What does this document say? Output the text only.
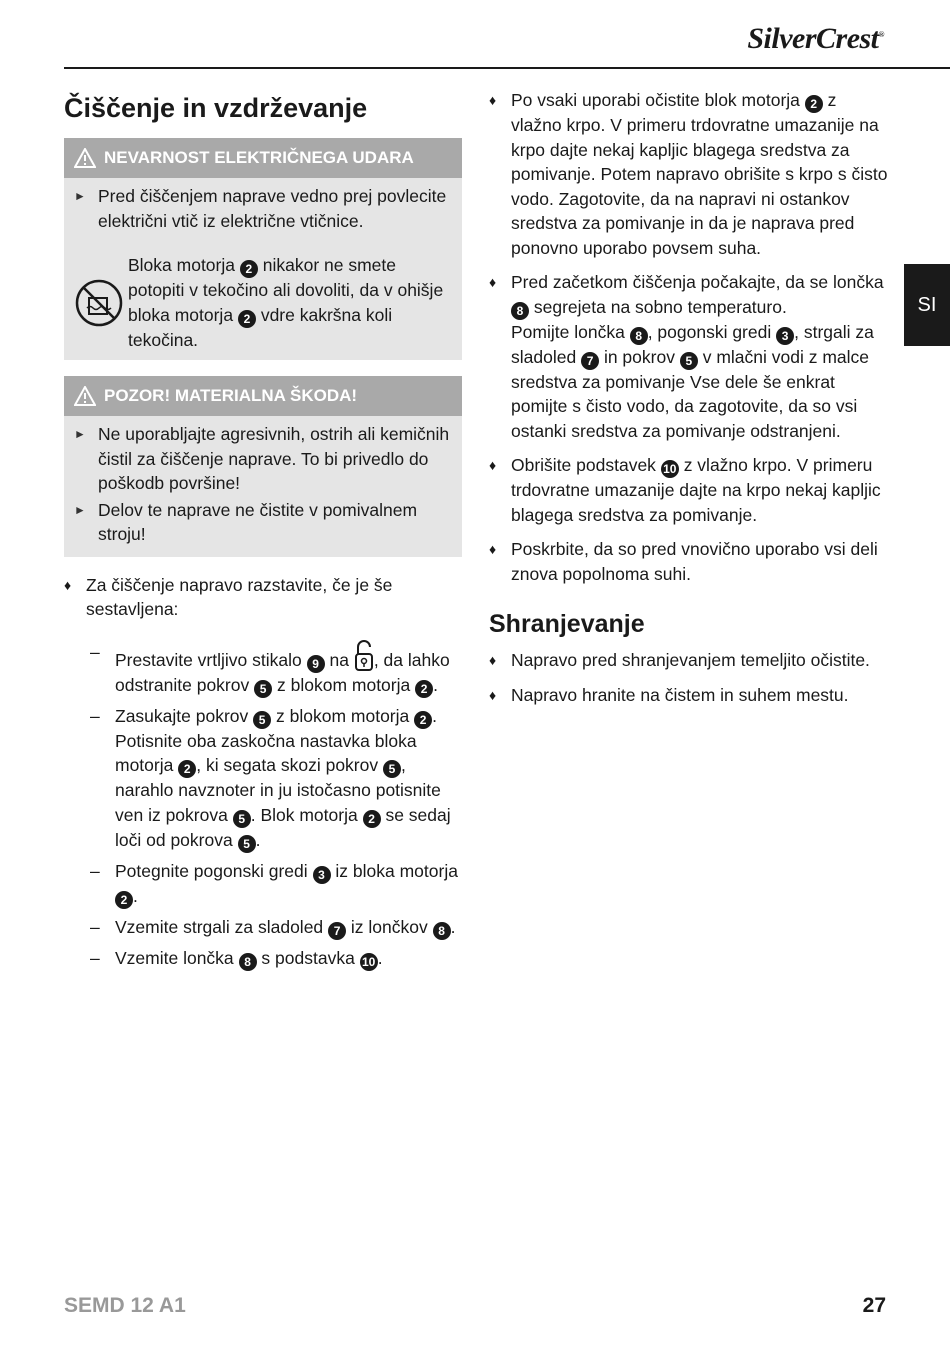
SilverCrest®
SI
Čiščenje in vzdrževanje
NEVARNOST ELEKTRIČNEGA UDARA
► Pred čiščenjem naprave vedno prej povlecite električni vtič iz električne vtičnice.
Bloka motorja 2 nikakor ne smete potopiti v tekočino ali dovoliti, da v ohišje bloka motorja 2 vdre kakršna koli tekočina.
POZOR! MATERIALNA ŠKODA!
► Ne uporabljajte agresivnih, ostrih ali kemičnih čistil za čiščenje naprave. To bi privedlo do poškodb površine!
► Delov te naprave ne čistite v pomivalnem stroju!
♦ Za čiščenje napravo razstavite, če je še sestavljena:
– Prestavite vrtljivo stikalo 9 na , da lahko odstranite pokrov 5 z blokom motorja 2 .
– Zasukajte pokrov 5 z blokom motorja 2 . Potisnite oba zaskočna nastavka bloka motorja 2 , ki segata skozi pokrov 5 , narahlo navznoter in ju istočasno potisnite ven iz pokrova 5 . Blok motorja 2 se sedaj loči od pokrova 5 .
– Potegnite pogonski gredi 3 iz bloka motorja 2 .
– Vzemite strgali za sladoled 7 iz lončkov 8 .
– Vzemite lončka 8 s podstavka 10 .
♦ Po vsaki uporabi očistite blok motorja 2 z vlažno krpo. V primeru trdovratne umazanije na krpo dajte nekaj kapljic blagega sredstva za pomivanje. Potem napravo obrišite s krpo s čisto vodo. Zagotovite, da na napravi ni ostankov sredstva za pomivanje in da je naprava pred ponovno uporabo povsem suha.
♦ Pred začetkom čiščenja počakajte, da se lončka 8 segrejeta na sobno temperaturo.
Pomijte lončka 8 , pogonski gredi 3 , strgali za sladoled 7 in pokrov 5 v mlačni vodi z malce sredstva za pomivanje Vse dele še enkrat pomijte s čisto vodo, da zagotovite, da so vsi ostanki sredstva za pomivanje odstranjeni.
♦ Obrišite podstavek 10 z vlažno krpo. V primeru trdovratne umazanije dajte na krpo nekaj kapljic blagega sredstva za pomivanje.
♦ Poskrbite, da so pred vnovično uporabo vsi deli znova popolnoma suhi.
Shranjevanje
♦ Napravo pred shranjevanjem temeljito očistite.
♦ Napravo hranite na čistem in suhem mestu.
SEMD 12 A1	27
